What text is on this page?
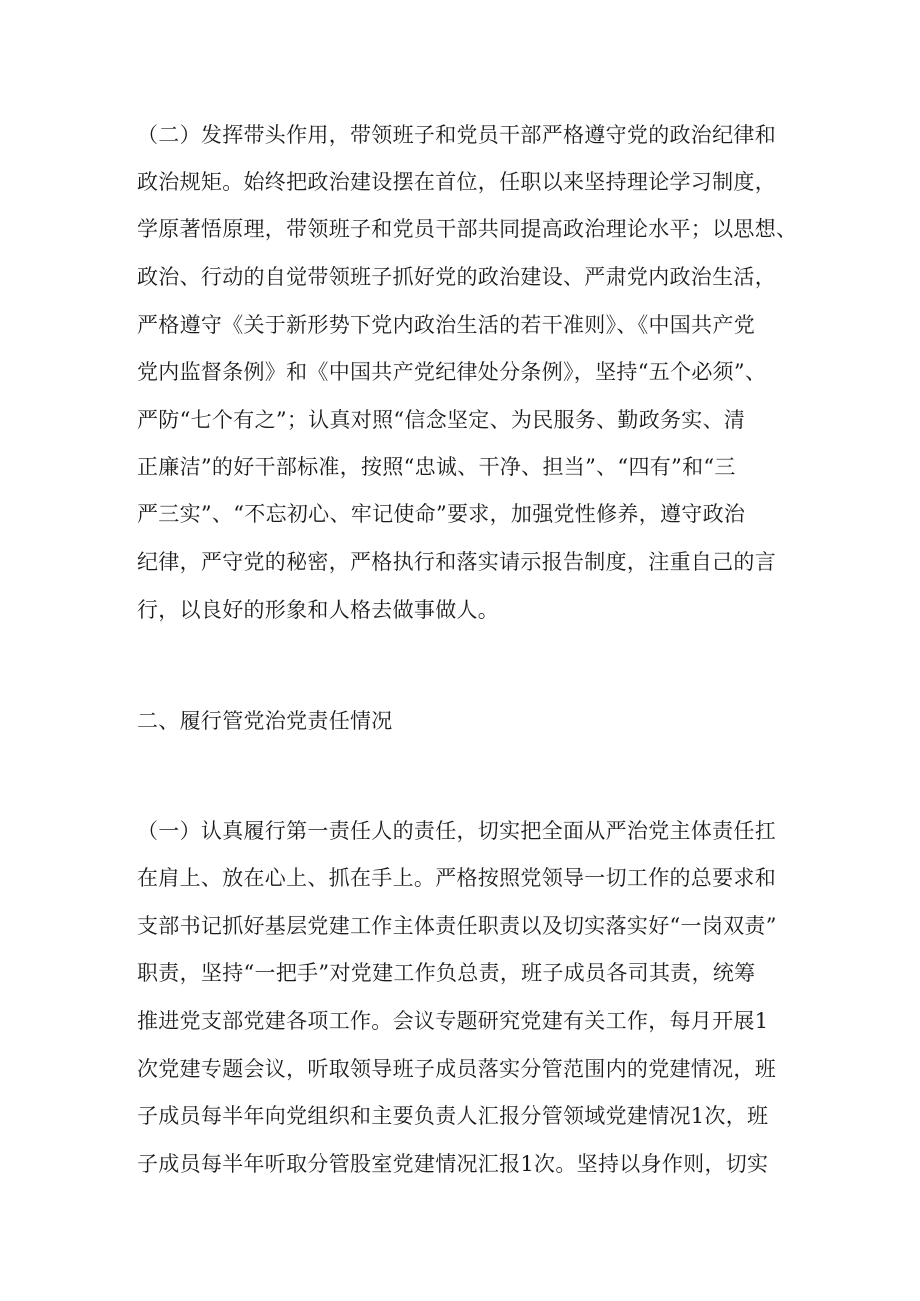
（二）发挥带头作用，带领班子和党员干部严格遵守党的政治纪律和
政治规矩。始终把政治建设摆在首位，任职以来坚持理论学习制度，
学原著悟原理，带领班子和党员干部共同提高政治理论水平；以思想、
政治、行动的自觉带领班子抓好党的政治建设、严肃党内政治生活，
严格遵守《关于新形势下党内政治生活的若干准则》、《中国共产党
党内监督条例》和《中国共产党纪律处分条例》，坚持“五个必须”、
严防“七个有之”；认真对照“信念坚定、为民服务、勤政务实、清
正廉洁”的好干部标准，按照“忠诚、干净、担当”、“四有”和“三
严三实”、“不忘初心、牢记使命”要求，加强党性修养，遵守政治
纪律，严守党的秘密，严格执行和落实请示报告制度，注重自己的言
行，以良好的形象和人格去做事做人。
二、履行管党治党责任情况
（一）认真履行第一责任人的责任，切实把全面从严治党主体责任扛
在肩上、放在心上、抓在手上。严格按照党领导一切工作的总要求和
支部书记抓好基层党建工作主体责任职责以及切实落实好“一岗双责”
职责，坚持“一把手”对党建工作负总责，班子成员各司其责，统筹
推进党支部党建各项工作。会议专题研究党建有关工作，每月开展1
次党建专题会议，听取领导班子成员落实分管范围内的党建情况，班
子成员每半年向党组织和主要负责人汇报分管领域党建情况1次，班
子成员每半年听取分管股室党建情况汇报1次。坚持以身作则，切实
